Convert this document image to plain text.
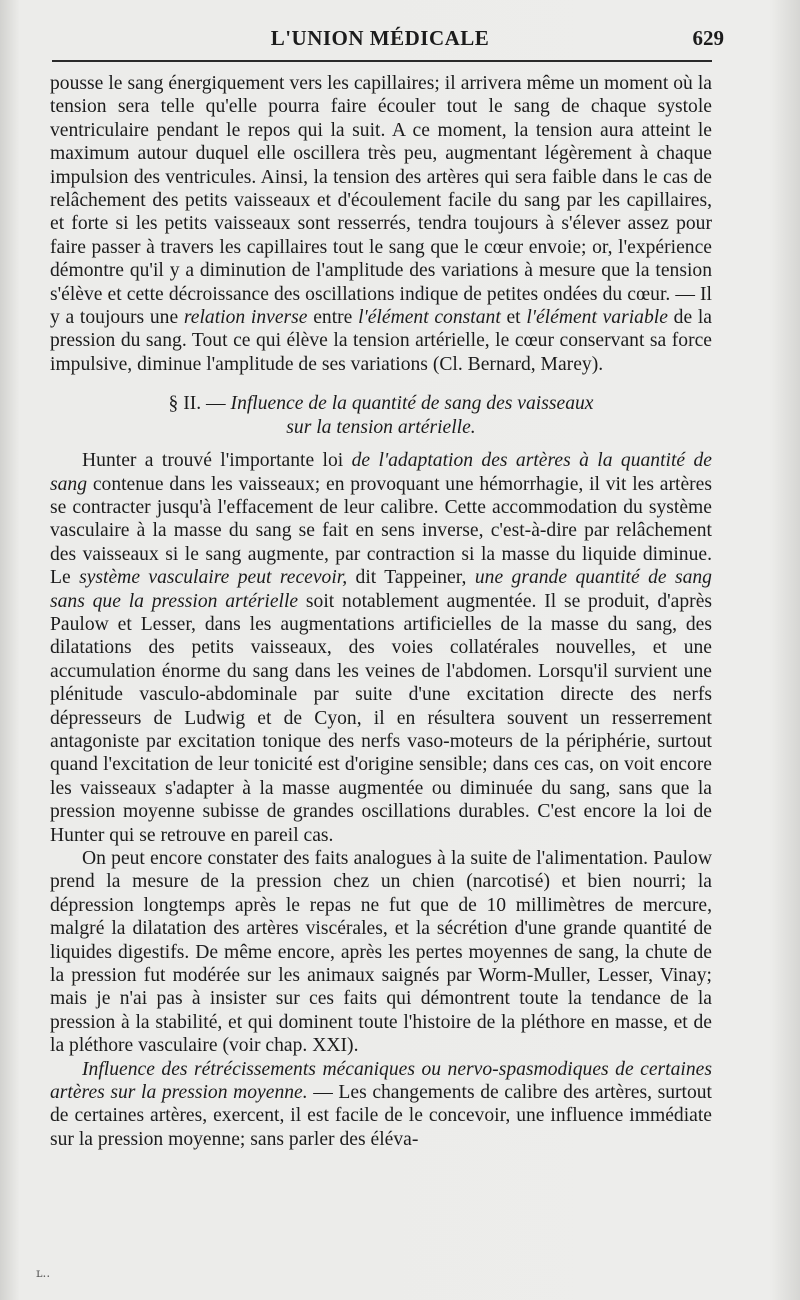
L'UNION MÉDICALE	629

pousse le sang énergiquement vers les capillaires; il arrivera même un moment où la tension sera telle qu'elle pourra faire écouler tout le sang de chaque systole ventriculaire pendant le repos qui la suit. A ce moment, la tension aura atteint le maximum autour duquel elle oscillera très peu, augmentant légèrement à chaque impulsion des ventricules. Ainsi, la tension des artères qui sera faible dans le cas de relâchement des petits vaisseaux et d'écoulement facile du sang par les capillaires, et forte si les petits vaisseaux sont resserrés, tendra toujours à s'élever assez pour faire passer à travers les capillaires tout le sang que le cœur envoie; or, l'expérience démontre qu'il y a diminution de l'amplitude des variations à mesure que la tension s'élève et cette décroissance des oscillations indique de petites ondées du cœur. — Il y a toujours une relation inverse entre l'élément constant et l'élément variable de la pression du sang. Tout ce qui élève la tension artérielle, le cœur conservant sa force impulsive, diminue l'amplitude de ses variations (Cl. Bernard, Marey).

§ II. — Influence de la quantité de sang des vaisseaux
sur la tension artérielle.

Hunter a trouvé l'importante loi de l'adaptation des artères à la quantité de sang contenue dans les vaisseaux; en provoquant une hémorrhagie, il vit les artères se contracter jusqu'à l'effacement de leur calibre. Cette accommodation du système vasculaire à la masse du sang se fait en sens inverse, c'est-à-dire par relâchement des vaisseaux si le sang augmente, par contraction si la masse du liquide diminue. Le système vasculaire peut recevoir, dit Tappeiner, une grande quantité de sang sans que la pression artérielle soit notablement augmentée. Il se produit, d'après Paulow et Lesser, dans les augmentations artificielles de la masse du sang, des dilatations des petits vaisseaux, des voies collatérales nouvelles, et une accumulation énorme du sang dans les veines de l'abdomen. Lorsqu'il survient une plénitude vasculo-abdominale par suite d'une excitation directe des nerfs dépresseurs de Ludwig et de Cyon, il en résultera souvent un resserrement antagoniste par excitation tonique des nerfs vaso-moteurs de la périphérie, surtout quand l'excitation de leur tonicité est d'origine sensible; dans ces cas, on voit encore les vaisseaux s'adapter à la masse augmentée ou diminuée du sang, sans que la pression moyenne subisse de grandes oscillations durables. C'est encore la loi de Hunter qui se retrouve en pareil cas.

On peut encore constater des faits analogues à la suite de l'alimentation. Paulow prend la mesure de la pression chez un chien (narcotisé) et bien nourri; la dépression longtemps après le repas ne fut que de 10 millimètres de mercure, malgré la dilatation des artères viscérales, et la sécrétion d'une grande quantité de liquides digestifs. De même encore, après les pertes moyennes de sang, la chute de la pression fut modérée sur les animaux saignés par Worm-Muller, Lesser, Vinay; mais je n'ai pas à insister sur ces faits qui démontrent toute la tendance de la pression à la stabilité, et qui dominent toute l'histoire de la pléthore en masse, et de la pléthore vasculaire (voir chap. XXI).

Influence des rétrécissements mécaniques ou nervo-spasmodiques de certaines artères sur la pression moyenne. — Les changements de calibre des artères, surtout de certaines artères, exercent, il est facile de le concevoir, une influence immédiate sur la pression moyenne; sans parler des éléva-

ʟ..
